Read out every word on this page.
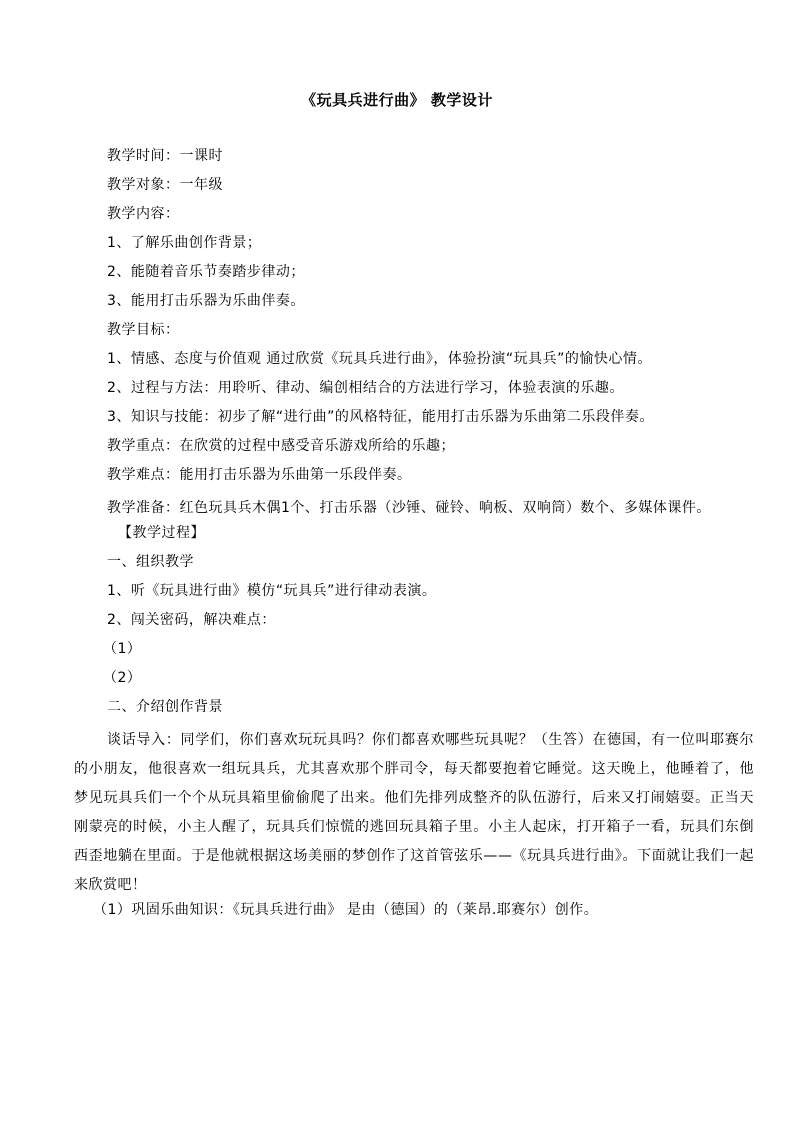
《玩具兵进行曲》 教学设计
教学时间：一课时
教学对象：一年级
教学内容：
1、了解乐曲创作背景；
2、能随着音乐节奏踏步律动；
3、能用打击乐器为乐曲伴奏。
教学目标：
1、情感、态度与价值观 通过欣赏《玩具兵进行曲》，体验扮演“玩具兵”的愉快心情。
2、过程与方法：用聆听、律动、编创相结合的方法进行学习，体验表演的乐趣。
3、知识与技能：初步了解“进行曲”的风格特征，能用打击乐器为乐曲第二乐段伴奏。
教学重点：在欣赏的过程中感受音乐游戏所给的乐趣；
教学难点：能用打击乐器为乐曲第一乐段伴奏。

教学准备：红色玩具兵木偶1个、打击乐器（沙锤、碰铃、响板、双响筒）数个、多媒体课件。

【教学过程】
一、组织教学
1、听《玩具进行曲》模仿“玩具兵”进行律动表演。
2、闯关密码，解决难点：
（1）
（2）
二、介绍创作背景

谈话导入：同学们，你们喜欢玩玩具吗？你们都喜欢哪些玩具呢？（生答）在德国，有一位叫耶赛尔的小朋友，他很喜欢一组玩具兵，尤其喜欢那个胖司令，每天都要抱着它睡觉。这天晚上，他睡着了，他梦见玩具兵们一个个从玩具箱里偷偷爬了出来。他们先排列成整齐的队伍游行，后来又打闹嬉耍。正当天刚蒙亮的时候，小主人醒了，玩具兵们惊慌的逃回玩具箱子里。小主人起床，打开箱子一看，玩具们东倒西歪地躺在里面。于是他就根据这场美丽的梦创作了这首管弦乐——《玩具兵进行曲》。下面就让我们一起来欣赏吧！

（1）巩固乐曲知识：《玩具兵进行曲》 是由（德国）的（莱昂.耶赛尔）创作。
